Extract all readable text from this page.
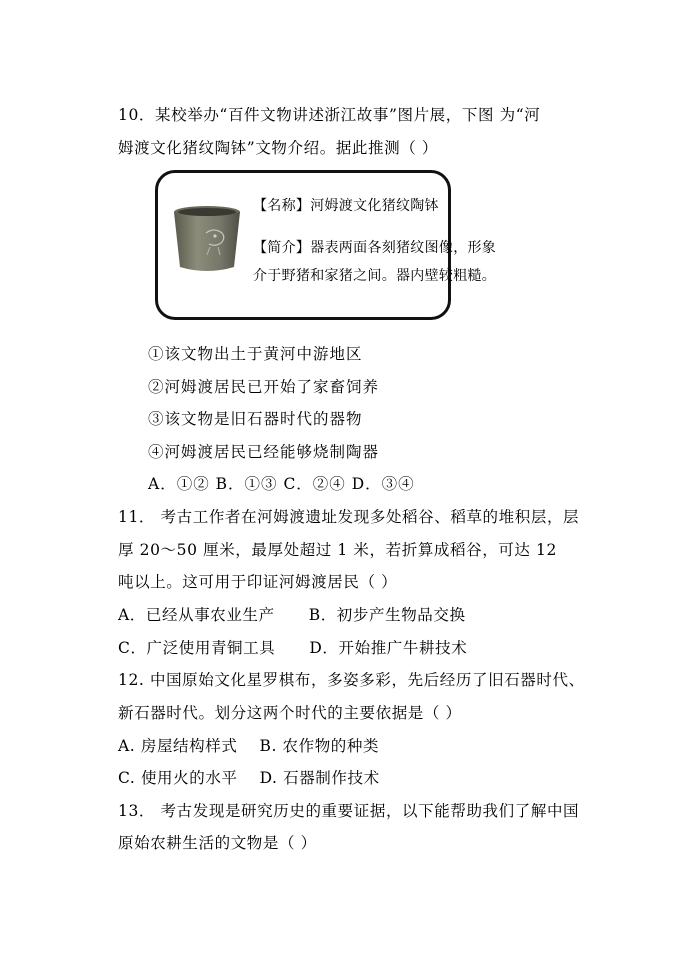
10．某校举办“百件文物讲述浙江故事”图片展，下图 为“河
姆渡文化猪纹陶钵”文物介绍。据此推测（ ）
【名称】河姆渡文化猪纹陶钵
【简介】器表两面各刻猪纹图像，形象
介于野猪和家猪之间。器内壁较粗糙。
①该文物出土于黄河中游地区
②河姆渡居民已开始了家畜饲养
③该文物是旧石器时代的器物
④河姆渡居民已经能够烧制陶器
A．①② B．①③ C．②④ D．③④
11． 考古工作者在河姆渡遗址发现多处稻谷、稻草的堆积层，层
厚 20～50 厘米，最厚处超过 1 米，若折算成稻谷，可达 12
吨以上。这可用于印证河姆渡居民（ ）
A．已经从事农业生产 B．初步产生物品交换
C．广泛使用青铜工具 D．开始推广牛耕技术
12. 中国原始文化星罗棋布，多姿多彩，先后经历了旧石器时代、
新石器时代。划分这两个时代的主要依据是（ ）
A. 房屋结构样式 B. 农作物的种类
C. 使用火的水平 D. 石器制作技术
13． 考古发现是研究历史的重要证据，以下能帮助我们了解中国
原始农耕生活的文物是（ ）
